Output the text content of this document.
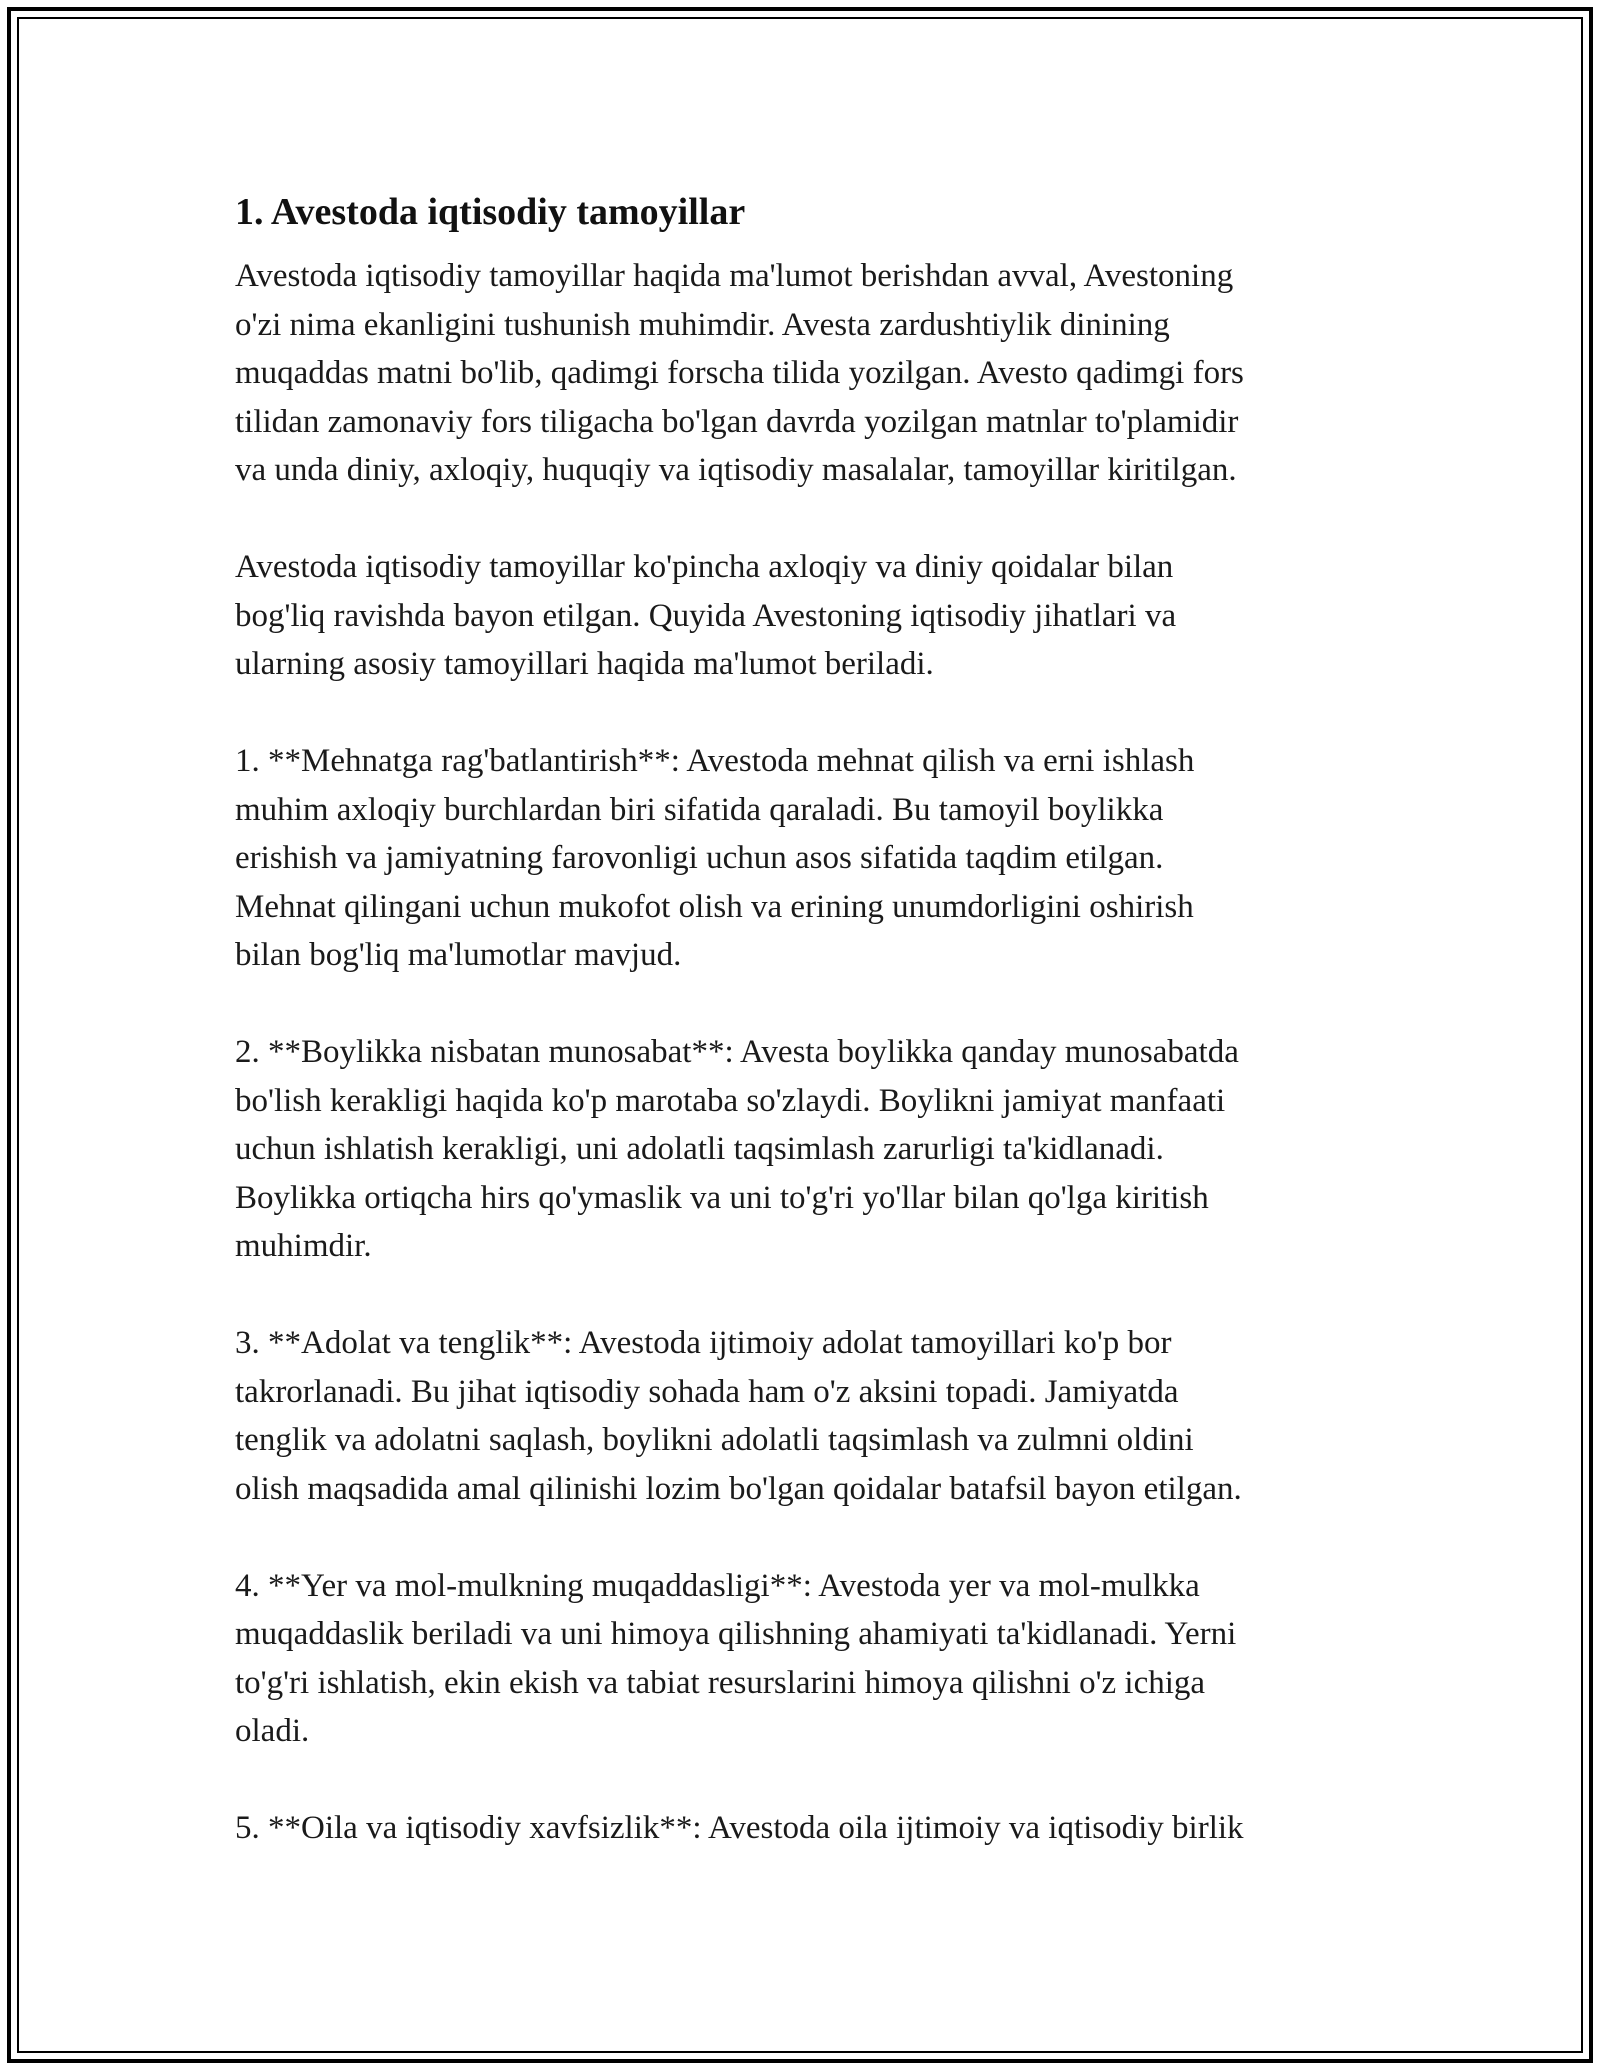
1. Avestoda iqtisodiy tamoyillar

Avestoda iqtisodiy tamoyillar haqida ma'lumot berishdan avval, Avestoning
o'zi nima ekanligini tushunish muhimdir. Avesta zardushtiylik dinining
muqaddas matni bo'lib, qadimgi forscha tilida yozilgan. Avesto qadimgi fors
tilidan zamonaviy fors tiligacha bo'lgan davrda yozilgan matnlar to'plamidir
va unda diniy, axloqiy, huquqiy va iqtisodiy masalalar, tamoyillar kiritilgan.

Avestoda iqtisodiy tamoyillar ko'pincha axloqiy va diniy qoidalar bilan
bog'liq ravishda bayon etilgan. Quyida Avestoning iqtisodiy jihatlari va
ularning asosiy tamoyillari haqida ma'lumot beriladi.

1. **Mehnatga rag'batlantirish**: Avestoda mehnat qilish va erni ishlash
muhim axloqiy burchlardan biri sifatida qaraladi. Bu tamoyil boylikka
erishish va jamiyatning farovonligi uchun asos sifatida taqdim etilgan.
Mehnat qilingani uchun mukofot olish va erining unumdorligini oshirish
bilan bog'liq ma'lumotlar mavjud.

2. **Boylikka nisbatan munosabat**: Avesta boylikka qanday munosabatda
bo'lish kerakligi haqida ko'p marotaba so'zlaydi. Boylikni jamiyat manfaati
uchun ishlatish kerakligi, uni adolatli taqsimlash zarurligi ta'kidlanadi.
Boylikka ortiqcha hirs qo'ymaslik va uni to'g'ri yo'llar bilan qo'lga kiritish
muhimdir.

3. **Adolat va tenglik**: Avestoda ijtimoiy adolat tamoyillari ko'p bor
takrorlanadi. Bu jihat iqtisodiy sohada ham o'z aksini topadi. Jamiyatda
tenglik va adolatni saqlash, boylikni adolatli taqsimlash va zulmni oldini
olish maqsadida amal qilinishi lozim bo'lgan qoidalar batafsil bayon etilgan.

4. **Yer va mol-mulkning muqaddasligi**: Avestoda yer va mol-mulkka
muqaddaslik beriladi va uni himoya qilishning ahamiyati ta'kidlanadi. Yerni
to'g'ri ishlatish, ekin ekish va tabiat resurslarini himoya qilishni o'z ichiga
oladi.

5. **Oila va iqtisodiy xavfsizlik**: Avestoda oila ijtimoiy va iqtisodiy birlik
